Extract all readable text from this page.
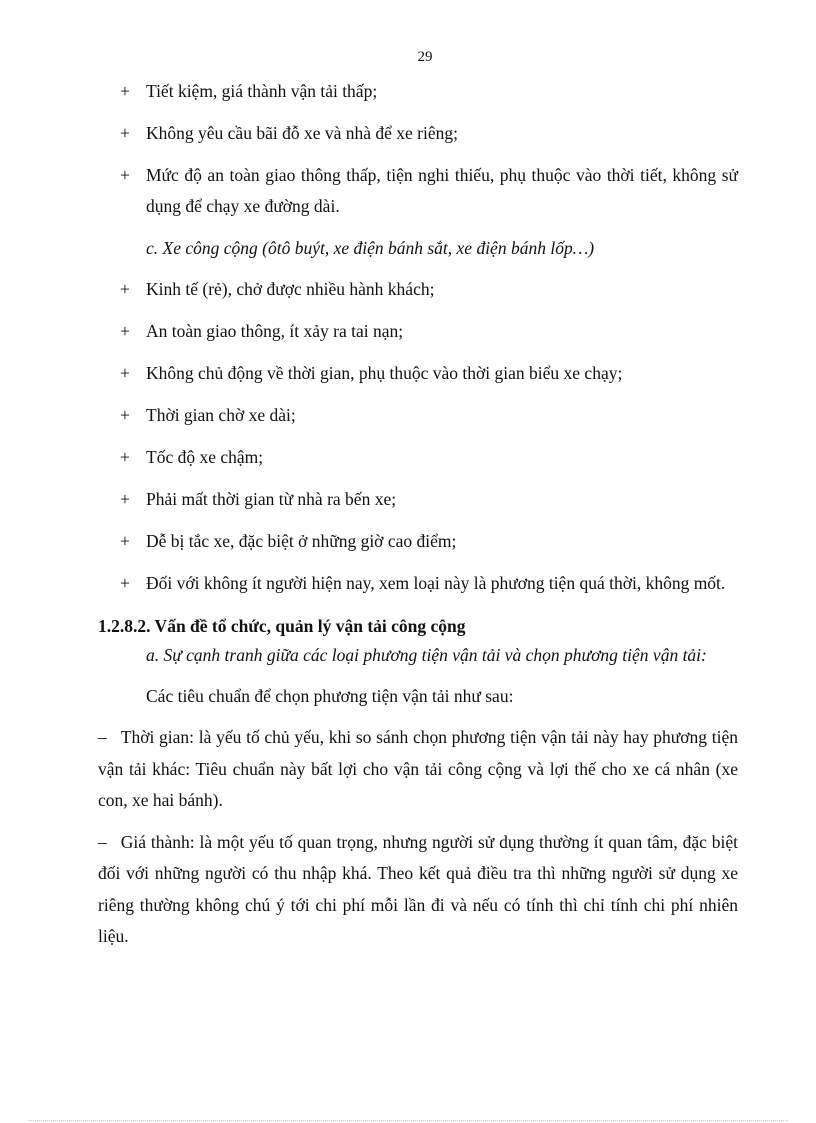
29

+ Tiết kiệm, giá thành vận tải thấp;

+ Không yêu cầu bãi đỗ xe và nhà để xe riêng;

+ Mức độ an toàn giao thông thấp, tiện nghi thiếu, phụ thuộc vào thời tiết, không sử dụng để chạy xe đường dài.

c. Xe công cộng (ôtô buýt, xe điện bánh sắt, xe điện bánh lốp…)

+ Kinh tế (rẻ), chở được nhiều hành khách;

+ An toàn giao thông, ít xảy ra tai nạn;

+ Không chủ động về thời gian, phụ thuộc vào thời gian biểu xe chạy;

+ Thời gian chờ xe dài;

+ Tốc độ xe chậm;

+ Phải mất thời gian từ nhà ra bến xe;

+ Dễ bị tắc xe, đặc biệt ở những giờ cao điểm;

+ Đối với không ít người hiện nay, xem loại này là phương tiện quá thời, không mốt.

1.2.8.2. Vấn đề tổ chức, quản lý vận tải công cộng

a. Sự cạnh tranh giữa các loại phương tiện vận tải và chọn phương tiện vận tải:

Các tiêu chuẩn để chọn phương tiện vận tải như sau:

– Thời gian: là yếu tố chủ yếu, khi so sánh chọn phương tiện vận tải này hay phương tiện vận tải khác: Tiêu chuẩn này bất lợi cho vận tải công cộng và lợi thế cho xe cá nhân (xe con, xe hai bánh).

– Giá thành: là một yếu tố quan trọng, nhưng người sử dụng thường ít quan tâm, đặc biệt đối với những người có thu nhập khá. Theo kết quả điều tra thì những người sử dụng xe riêng thường không chú ý tới chi phí mỗi lần đi và nếu có tính thì chỉ tính chi phí nhiên liệu.
